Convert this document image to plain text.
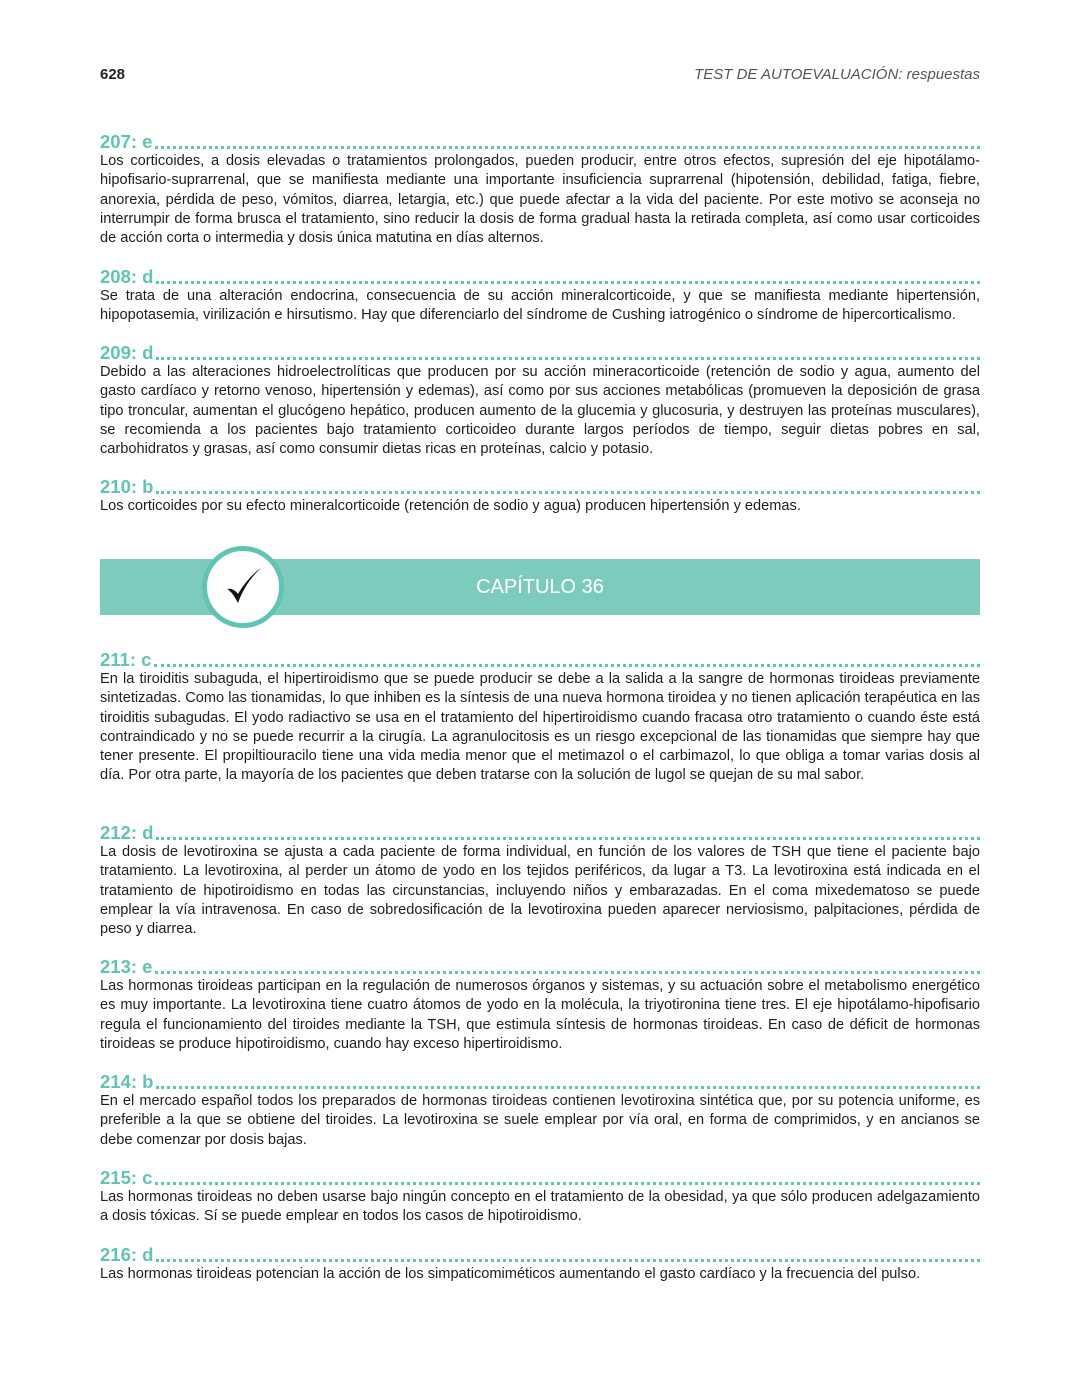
628	TEST DE AUTOEVALUACIÓN: respuestas
207: e

Los corticoides, a dosis elevadas o tratamientos prolongados, pueden producir, entre otros efectos, supresión del eje hipotálamo-hipofisario-suprarrenal, que se manifiesta mediante una importante insuficiencia suprarrenal (hipotensión, debilidad, fatiga, fiebre, anorexia, pérdida de peso, vómitos, diarrea, letargia, etc.) que puede afectar a la vida del paciente. Por este motivo se aconseja no interrumpir de forma brusca el tratamiento, sino reducir la dosis de forma gradual hasta la retirada completa, así como usar corticoides de acción corta o intermedia y dosis única matutina en días alternos.

208: d

Se trata de una alteración endocrina, consecuencia de su acción mineralcorticoide, y que se manifiesta mediante hipertensión, hipopotasemia, virilización e hirsutismo. Hay que diferenciarlo del síndrome de Cushing iatrogénico o síndrome de hipercorticalismo.

209: d

Debido a las alteraciones hidroelectrolíticas que producen por su acción mineracorticoide (retención de sodio y agua, aumento del gasto cardíaco y retorno venoso, hipertensión y edemas), así como por sus acciones metabólicas (promueven la deposición de grasa tipo troncular, aumentan el glucógeno hepático, producen aumento de la glucemia y glucosuria, y destruyen las proteínas musculares), se recomienda a los pacientes bajo tratamiento corticoideo durante largos períodos de tiempo, seguir dietas pobres en sal, carbohidratos y grasas, así como consumir dietas ricas en proteínas, calcio y potasio.

210: b

Los corticoides por su efecto mineralcorticoide (retención de sodio y agua) producen hipertensión y edemas.

CAPÍTULO 36
211: c

En la tiroiditis subaguda, el hipertiroidismo que se puede producir se debe a la salida a la sangre de hormonas tiroideas previamente sintetizadas. Como las tionamidas, lo que inhiben es la síntesis de una nueva hormona tiroidea y no tienen aplicación terapéutica en las tiroiditis subagudas. El yodo radiactivo se usa en el tratamiento del hipertiroidismo cuando fracasa otro tratamiento o cuando éste está contraindicado y no se puede recurrir a la cirugía. La agranulocitosis es un riesgo excepcional de las tionamidas que siempre hay que tener presente. El propiltiouracilo tiene una vida media menor que el metimazol o el carbimazol, lo que obliga a tomar varias dosis al día. Por otra parte, la mayoría de los pacientes que deben tratarse con la solución de lugol se quejan de su mal sabor.

212: d

La dosis de levotiroxina se ajusta a cada paciente de forma individual, en función de los valores de TSH que tiene el paciente bajo tratamiento. La levotiroxina, al perder un átomo de yodo en los tejidos periféricos, da lugar a T3. La levotiroxina está indicada en el tratamiento de hipotiroidismo en todas las circunstancias, incluyendo niños y embarazadas. En el coma mixedematoso se puede emplear la vía intravenosa. En caso de sobredosificación de la levotiroxina pueden aparecer nerviosismo, palpitaciones, pérdida de peso y diarrea.

213: e

Las hormonas tiroideas participan en la regulación de numerosos órganos y sistemas, y su actuación sobre el metabolismo energético es muy importante. La levotiroxina tiene cuatro átomos de yodo en la molécula, la triyotironina tiene tres. El eje hipotálamo-hipofisario regula el funcionamiento del tiroides mediante la TSH, que estimula síntesis de hormonas tiroideas. En caso de déficit de hormonas tiroideas se produce hipotiroidismo, cuando hay exceso hipertiroidismo.

214: b

En el mercado español todos los preparados de hormonas tiroideas contienen levotiroxina sintética que, por su potencia uniforme, es preferible a la que se obtiene del tiroides. La levotiroxina se suele emplear por vía oral, en forma de comprimidos, y en ancianos se debe comenzar por dosis bajas.

215: c

Las hormonas tiroideas no deben usarse bajo ningún concepto en el tratamiento de la obesidad, ya que sólo producen adelgazamiento a dosis tóxicas. Sí se puede emplear en todos los casos de hipotiroidismo.

216: d

Las hormonas tiroideas potencian la acción de los simpaticomiméticos aumentando el gasto cardíaco y la frecuencia del pulso.
